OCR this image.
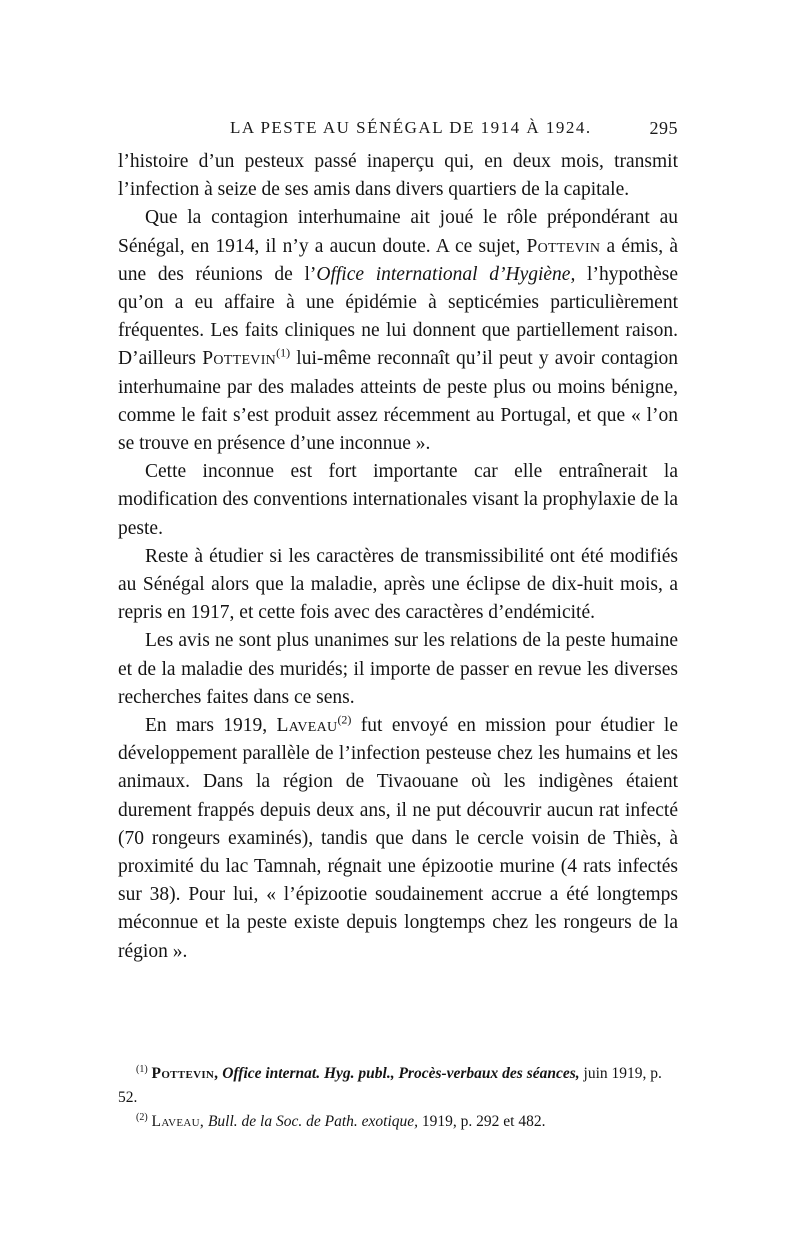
LA PESTE AU SÉNÉGAL DE 1914 À 1924.	295

l’histoire d’un pesteux passé inaperçu qui, en deux mois, transmit l’infection à seize de ses amis dans divers quartiers de la capitale.

Que la contagion interhumaine ait joué le rôle prépondérant au Sénégal, en 1914, il n’y a aucun doute. A ce sujet, Pottevin a émis, à une des réunions de l’Office international d’Hygiène, l’hypothèse qu’on a eu affaire à une épidémie à septicémies particulièrement fréquentes. Les faits cliniques ne lui donnent que partiellement raison. D’ailleurs Pottevin$^{(1)}$ lui-même reconnaît qu’il peut y avoir contagion interhumaine par des malades atteints de peste plus ou moins bénigne, comme le fait s’est produit assez récemment au Portugal, et que « l’on se trouve en présence d’une inconnue ».

Cette inconnue est fort importante car elle entraînerait la modification des conventions internationales visant la prophylaxie de la peste.

Reste à étudier si les caractères de transmissibilité ont été modifiés au Sénégal alors que la maladie, après une éclipse de dix-huit mois, a repris en 1917, et cette fois avec des caractères d’endémicité.

Les avis ne sont plus unanimes sur les relations de la peste humaine et de la maladie des muridés; il importe de passer en revue les diverses recherches faites dans ce sens.

En mars 1919, Laveau$^{(2)}$ fut envoyé en mission pour étudier le développement parallèle de l’infection pesteuse chez les humains et les animaux. Dans la région de Tivaouane où les indigènes étaient durement frappés depuis deux ans, il ne put découvrir aucun rat infecté (70 rongeurs examinés), tandis que dans le cercle voisin de Thiès, à proximité du lac Tamnah, régnait une épizootie murine (4 rats infectés sur 38). Pour lui, « l’épizootie soudainement accrue a été longtemps méconnue et la peste existe depuis longtemps chez les rongeurs de la région ».

$^{(1)}$ Pottevin, Office internat. Hyg. publ., Procès-verbaux des séances, juin 1919, p. 52.

$^{(2)}$ Laveau, Bull. de la Soc. de Path. exotique, 1919, p. 292 et 482.
